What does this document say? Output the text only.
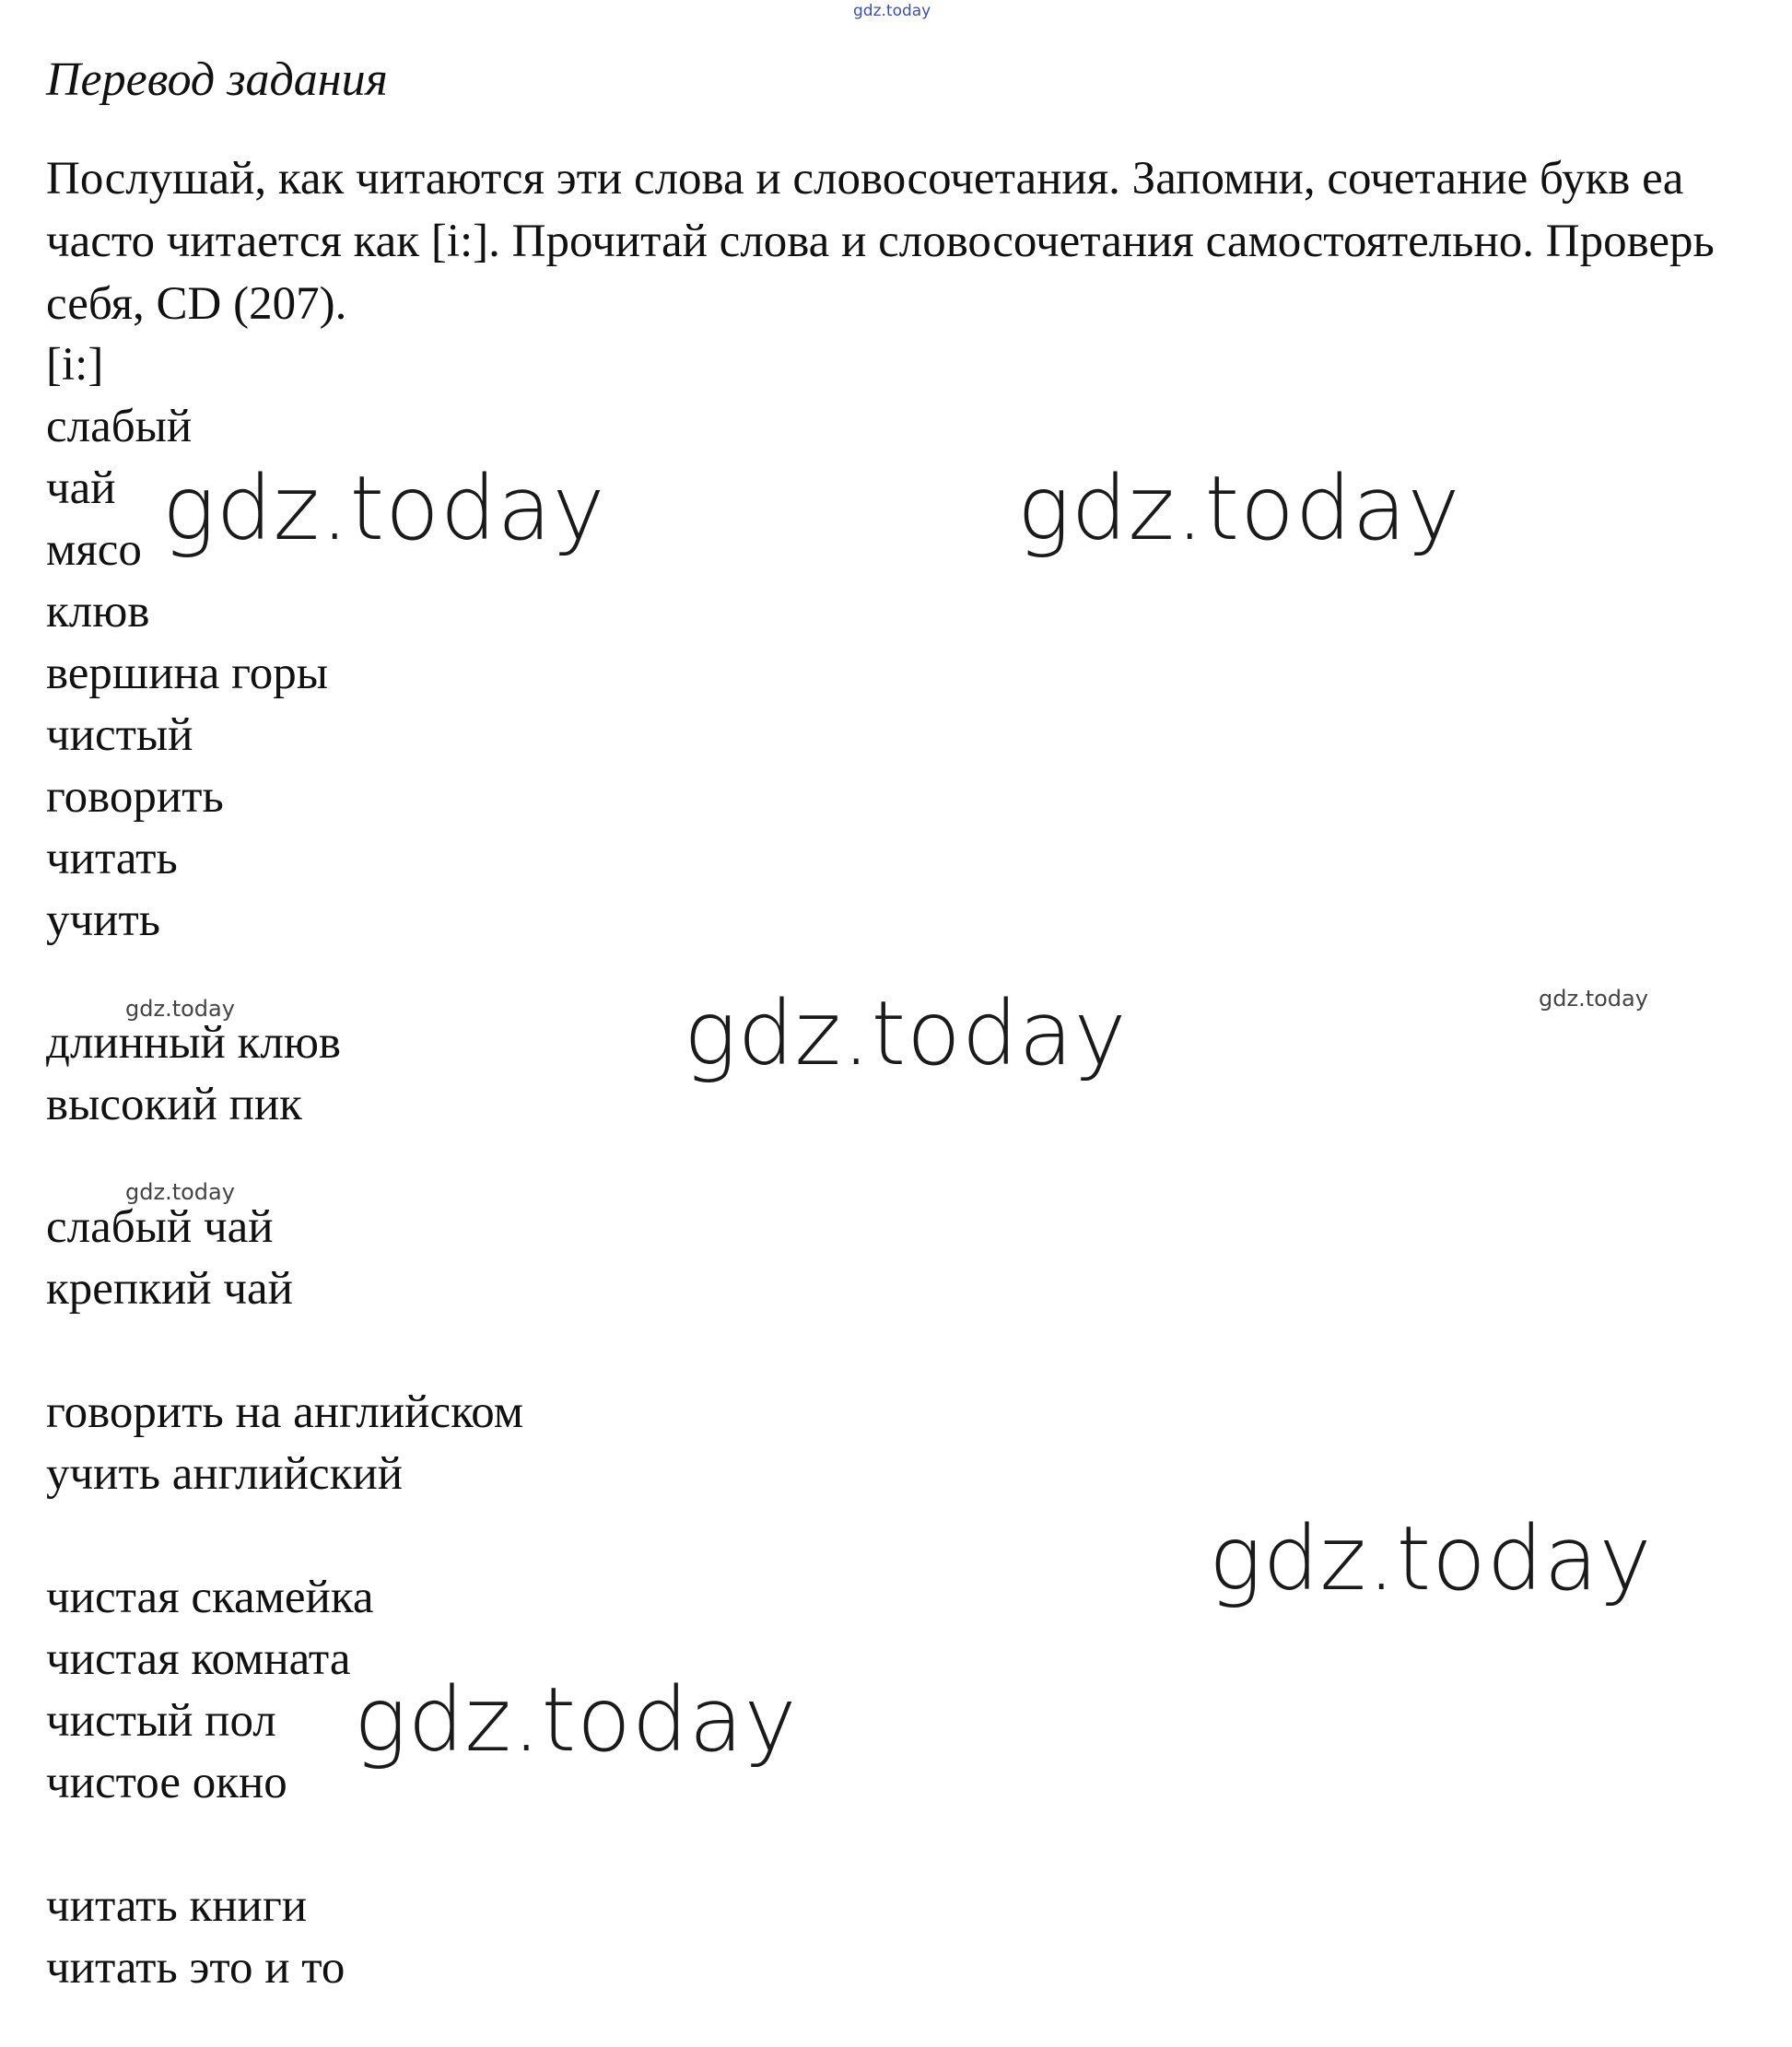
gdz.today
Перевод задания

Послушай, как читаются эти слова и словосочетания. Запомни, сочетание букв ea часто читается как [i:]. Прочитай слова и словосочетания самостоятельно. Проверь себя, CD (207).

[i:]
слабый
чай
мясо
клюв
вершина горы
чистый
говорить
читать
учить
длинный клюв
высокий пик
слабый чай
крепкий чай
говорить на английском
учить английский
чистая скамейка
чистая комната
чистый пол
чистое окно
читать книги
читать это и то
gdz.today	gdz.today
gdz.today
gdz.today
gdz.today
gdz.today	gdz.today
gdz.today
